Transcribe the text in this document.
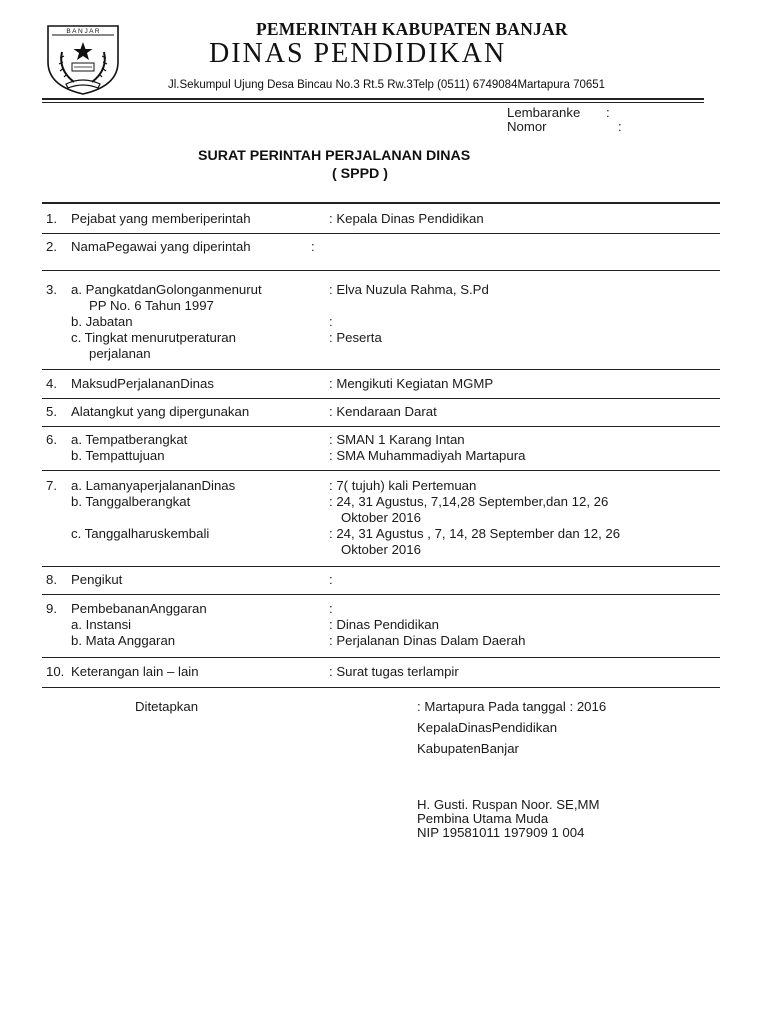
B A N J A R	PEMERINTAH KABUPATEN BANJAR
DINAS PENDIDIKAN
Jl.Sekumpul Ujung Desa Bincau No.3 Rt.5 Rw.3Telp (0511) 6749084Martapura 70651
Lembaranke :
Nomor	:
SURAT PERINTAH PERJALANAN DINAS
( SPPD )
1. Pejabat yang memberiperintah	: Kepala Dinas Pendidikan
2. NamaPegawai yang diperintah	:
3. a. PangkatdanGolonganmenurut	: Elva Nuzula Rahma, S.Pd
PP No. 6 Tahun 1997
b. Jabatan	:
c. Tingkat menurutperaturan	: Peserta
perjalanan
4. MaksudPerjalananDinas	: Mengikuti Kegiatan MGMP
5. Alatangkut yang dipergunakan	: Kendaraan Darat
6. a. Tempatberangkat	: SMAN 1 Karang Intan
b. Tempattujuan	: SMA Muhammadiyah Martapura
7. a. LamanyaperjalananDinas	: 7( tujuh) kali Pertemuan
b. Tanggalberangkat	: 24, 31 Agustus, 7,14,28 September,dan 12, 26
Oktober 2016
c. Tanggalharuskembali	: 24, 31 Agustus , 7, 14, 28 September dan 12, 26
Oktober 2016
8. Pengikut	:
9. PembebananAnggaran	:
a. Instansi	: Dinas Pendidikan
b. Mata Anggaran	: Perjalanan Dinas Dalam Daerah
10. Keterangan lain – lain	: Surat tugas terlampir
Ditetapkan	: Martapura Pada tanggal : 2016
KepalaDinasPendidikan
KabupatenBanjar
H. Gusti. Ruspan Noor. SE,MM
Pembina Utama Muda
NIP 19581011 197909 1 004
